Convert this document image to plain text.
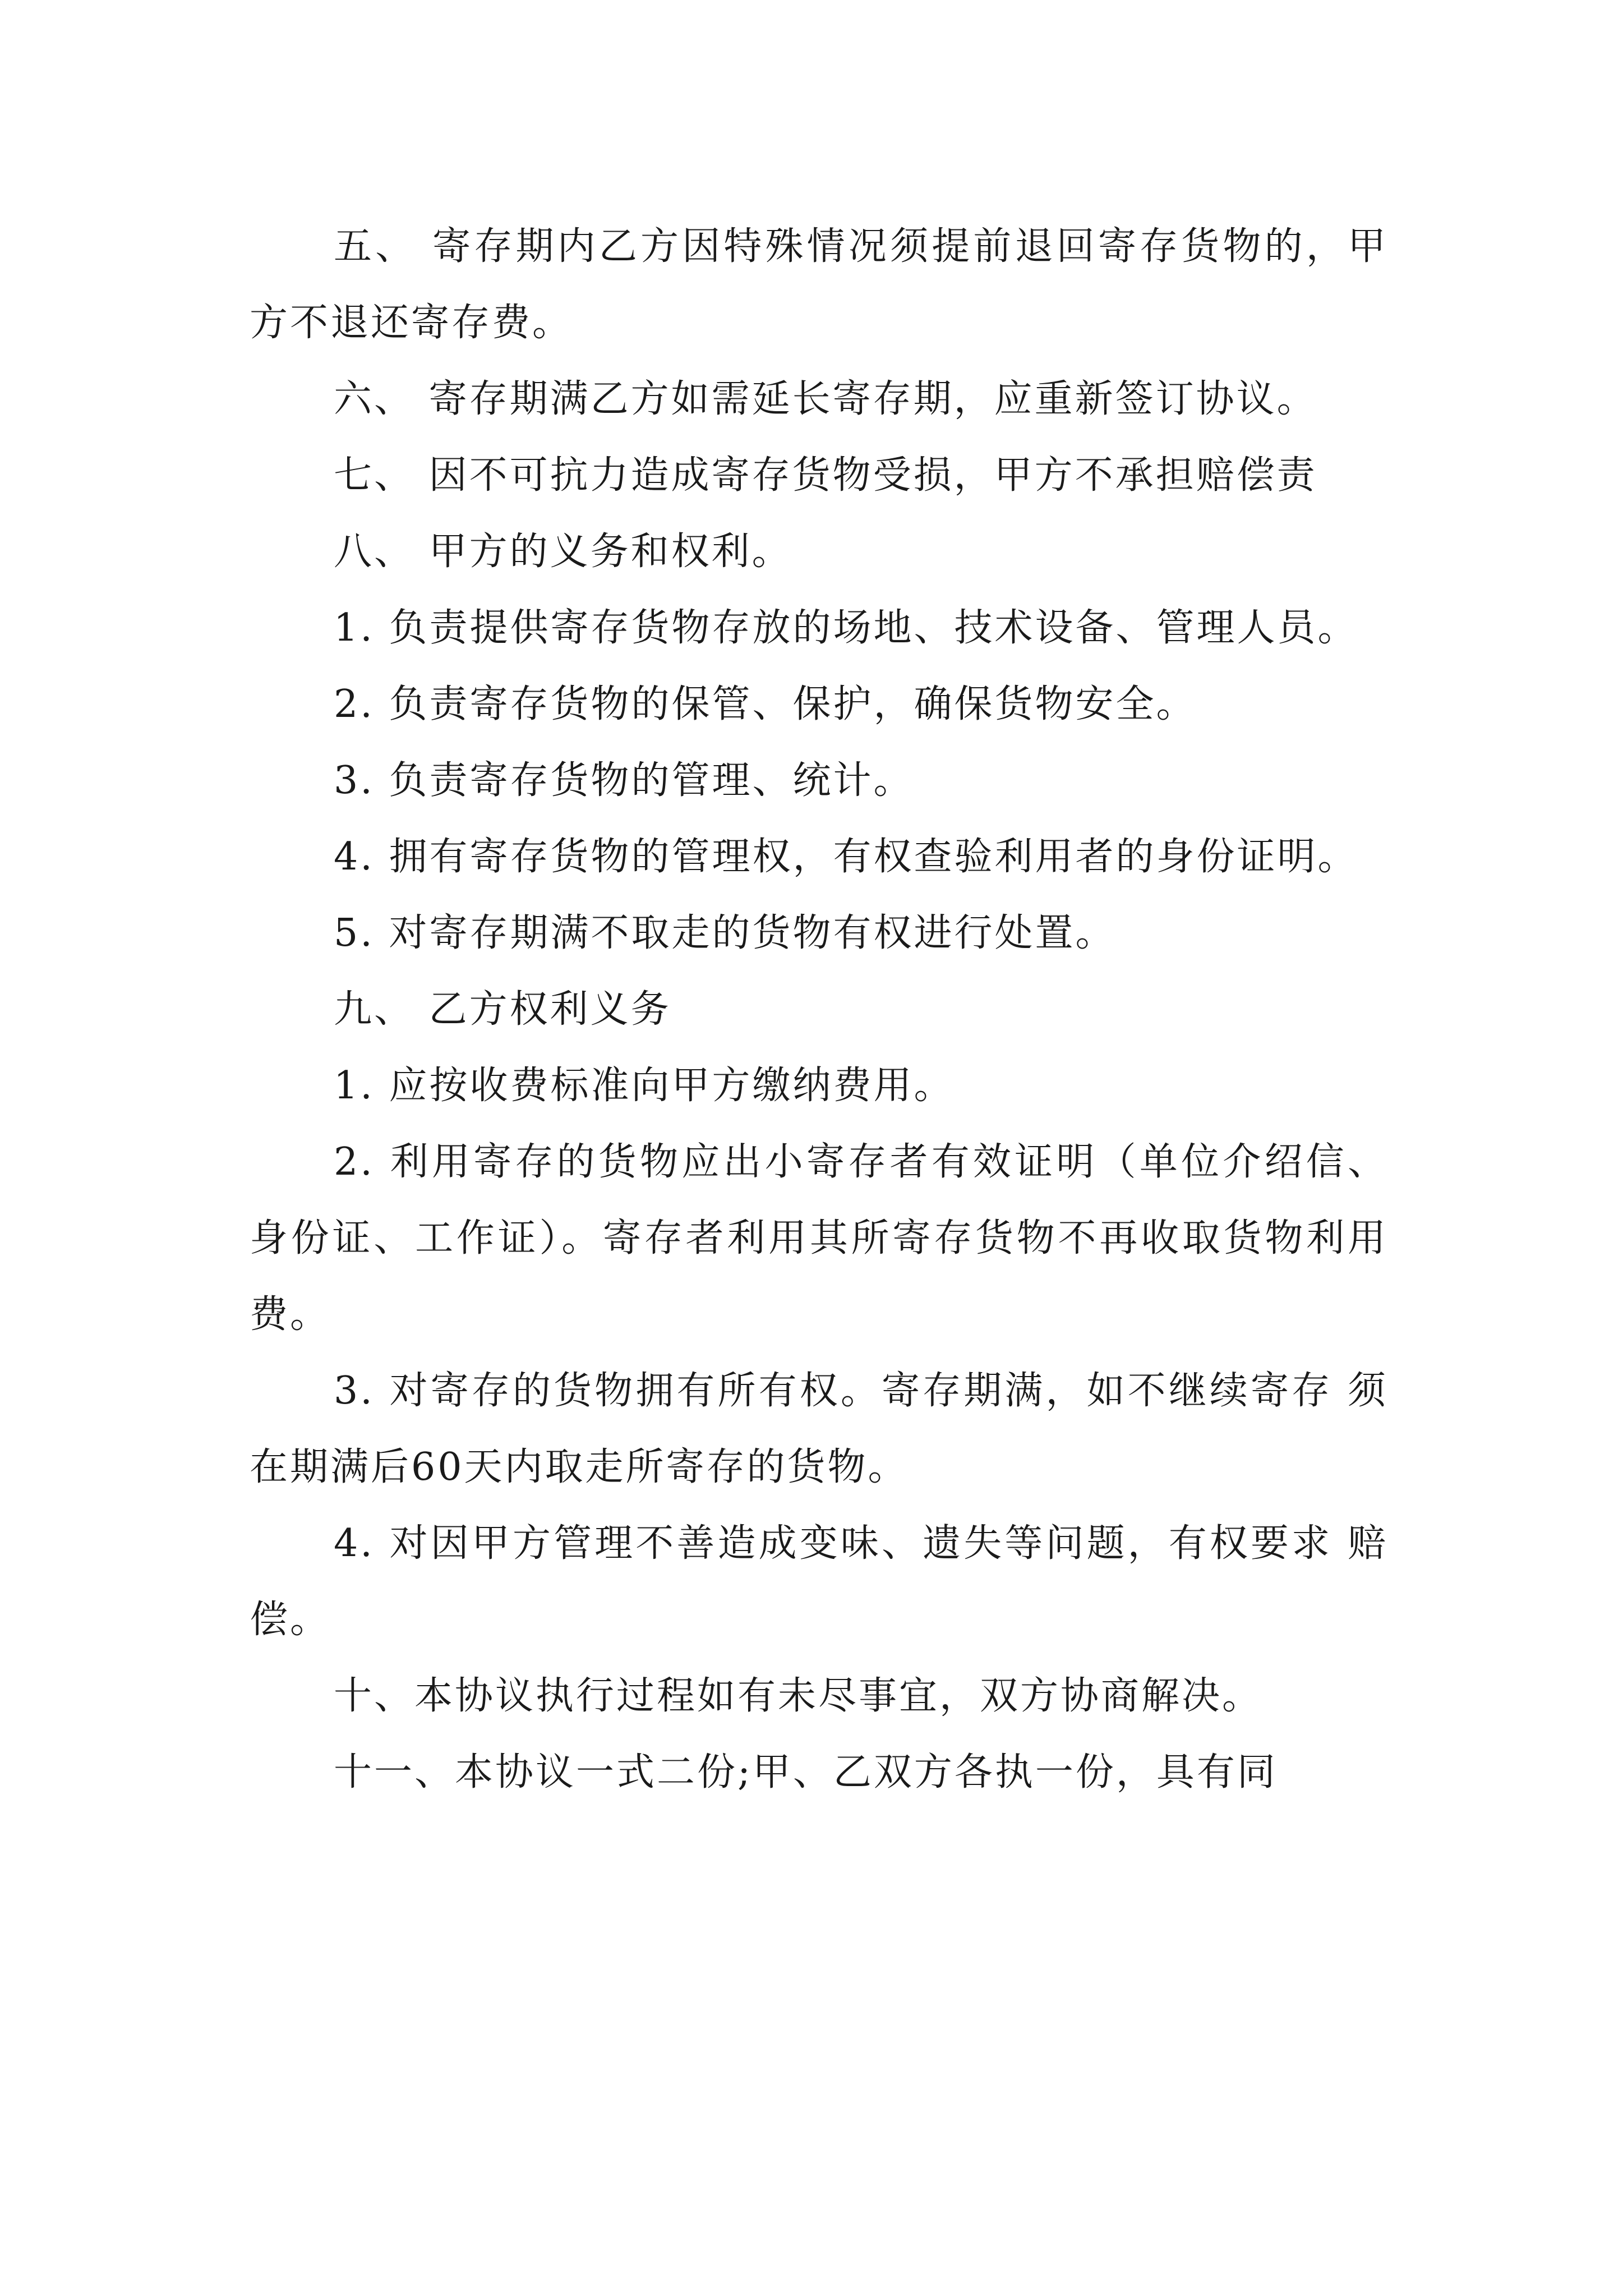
五、 寄存期内乙方因特殊情况须提前退回寄存货物的，甲方不退还寄存费。

六、 寄存期满乙方如需延长寄存期，应重新签订协议。

七、 因不可抗力造成寄存货物受损，甲方不承担赔偿责

八、 甲方的义务和权利。

1. 负责提供寄存货物存放的场地、技术设备、管理人员。

2. 负责寄存货物的保管、保护，确保货物安全。

3. 负责寄存货物的管理、统计。

4. 拥有寄存货物的管理权，有权查验利用者的身份证明。

5. 对寄存期满不取走的货物有权进行处置。

九、 乙方权利义务

1. 应按收费标准向甲方缴纳费用。

2. 利用寄存的货物应出小寄存者有效证明（单位介绍信、身份证、工作证）。寄存者利用其所寄存货物不再收取货物利用费。

3. 对寄存的货物拥有所有权。寄存期满，如不继续寄存 须在期满后60天内取走所寄存的货物。

4. 对因甲方管理不善造成变味、遗失等问题，有权要求 赔偿。

十、本协议执行过程如有未尽事宜，双方协商解决。

十一、本协议一式二份;甲、乙双方各执一份，具有同
